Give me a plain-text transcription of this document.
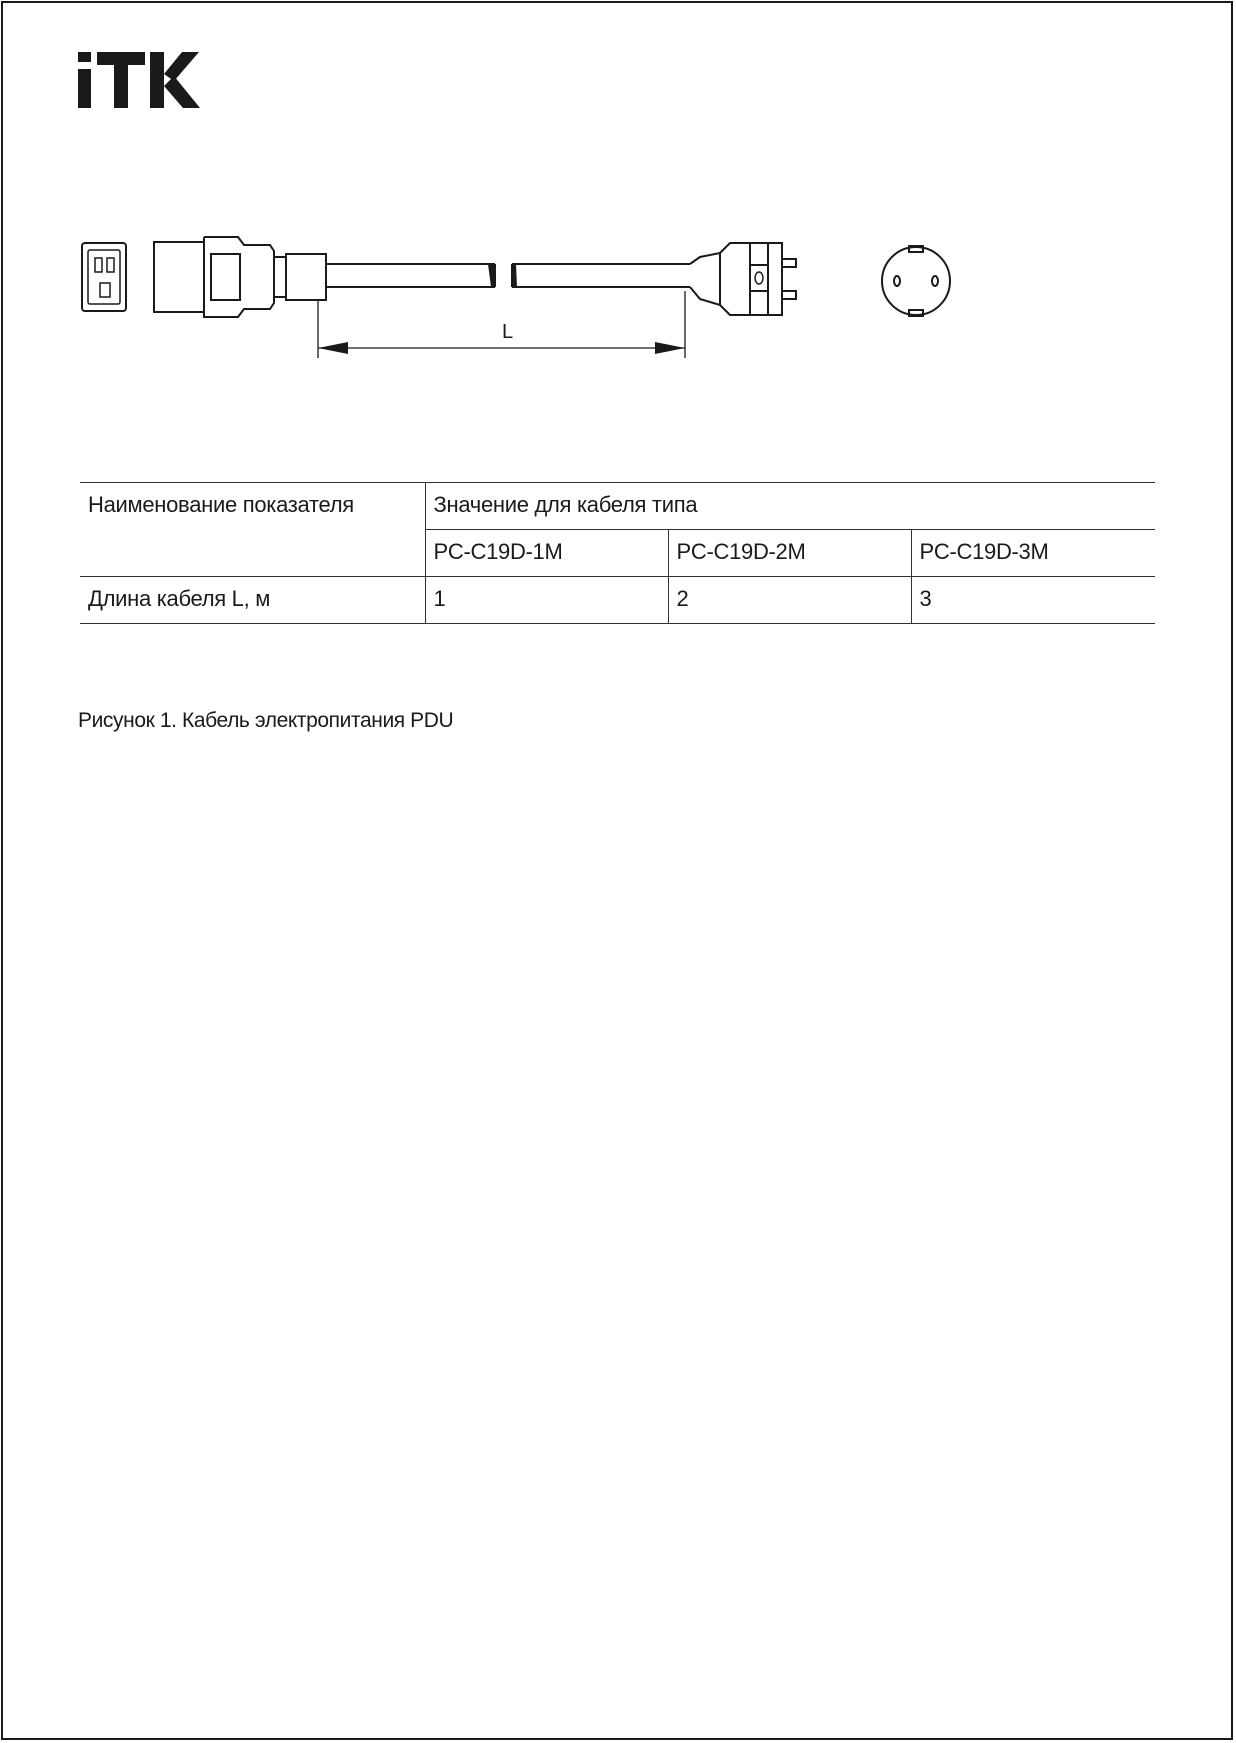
L
Наименование показателя	Значение для кабеля типа		
	PC-C19D-1M	PC-C19D-2M	PC-C19D-3M
Длина кабеля L, м	1	2	3
Рисунок 1. Кабель электропитания PDU
